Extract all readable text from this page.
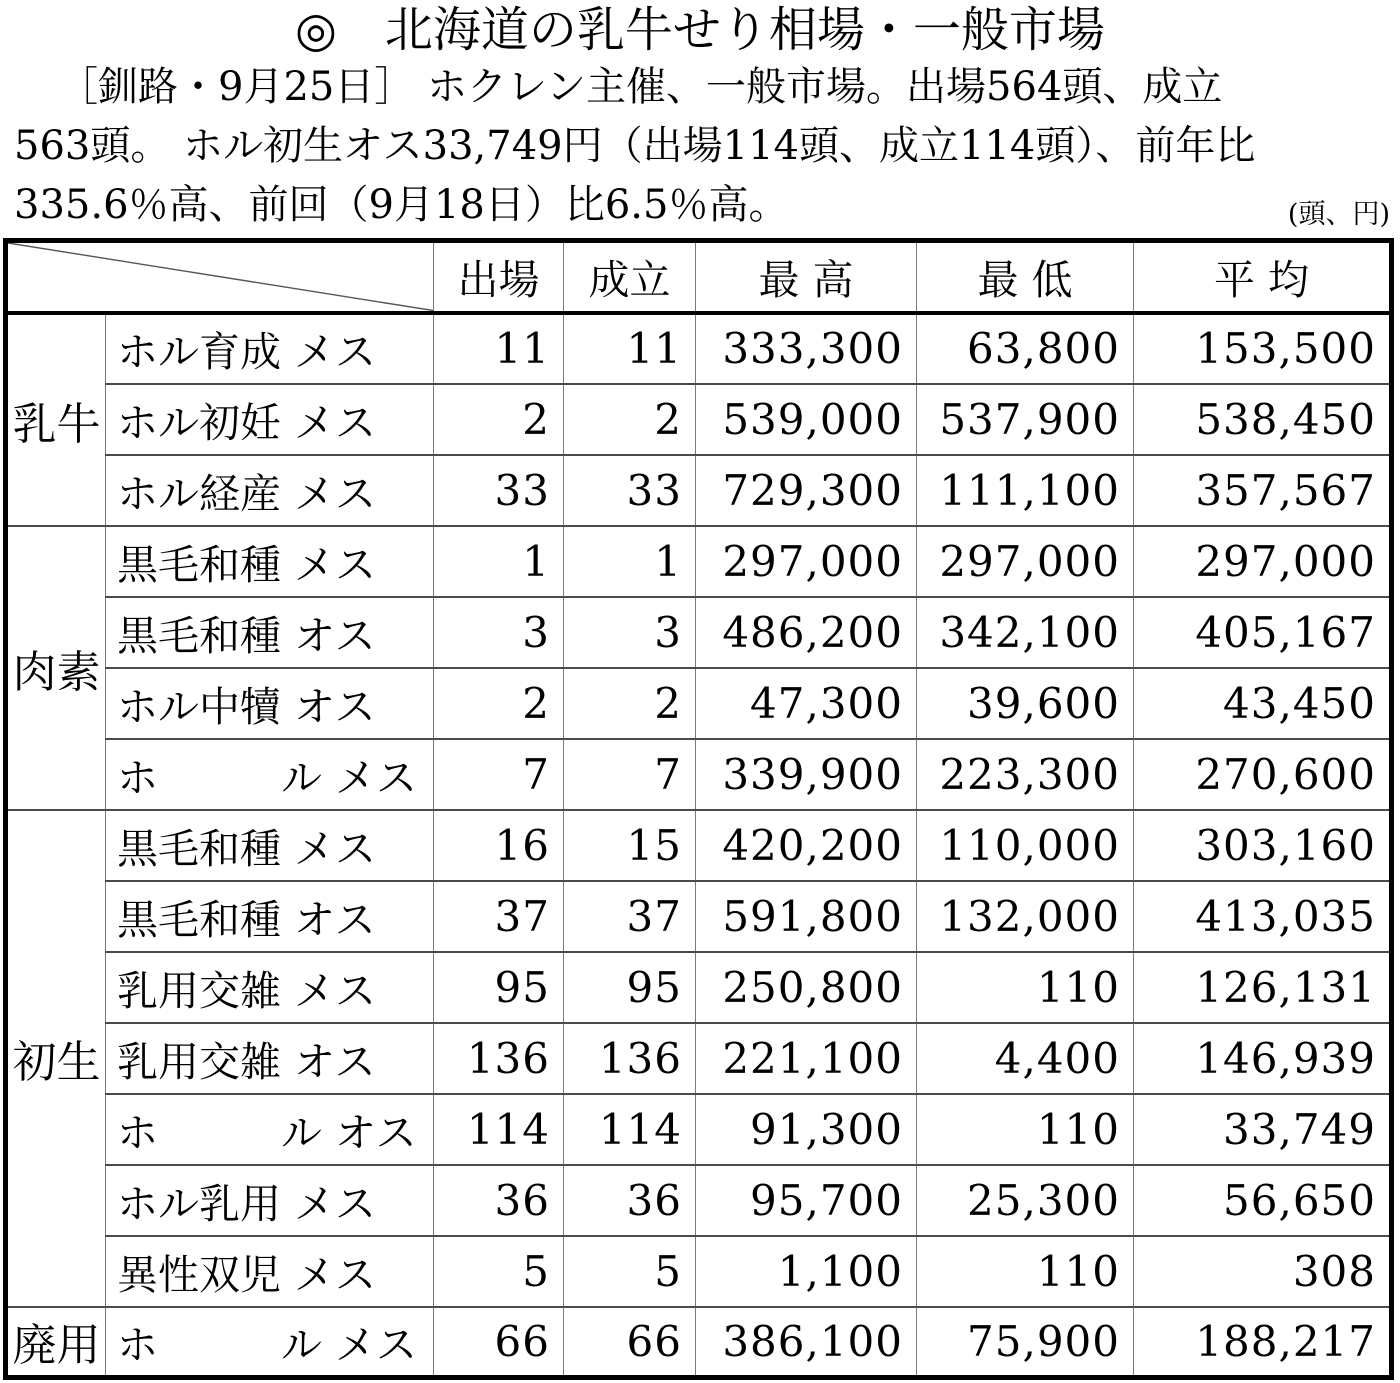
◎　北海道の乳牛せり相場・一般市場
［釧路・9月25日］ ホクレン主催、一般市場。出場564頭、成立
563頭。 ホル初生オス33,749円（出場114頭、成立114頭）、前年比
335.6％高、前回（9月18日）比6.5％高。	(頭、円)
	出場	成立	最 高	最 低	平 均
乳牛	ホル育成 メス	11	11	333,300	63,800	153,500
	ホル初妊 メス	2	2	539,000	537,900	538,450
	ホル経産 メス	33	33	729,300	111,100	357,567
肉素	黒毛和種 メス	1	1	297,000	297,000	297,000
	黒毛和種 オス	3	3	486,200	342,100	405,167
	ホル中犢 オス	2	2	47,300	39,600	43,450
	ホ　　　ル メス	7	7	339,900	223,300	270,600
初生	黒毛和種 メス	16	15	420,200	110,000	303,160
	黒毛和種 オス	37	37	591,800	132,000	413,035
	乳用交雑 メス	95	95	250,800	110	126,131
	乳用交雑 オス	136	136	221,100	4,400	146,939
	ホ　　　ル オス	114	114	91,300	110	33,749
	ホル乳用 メス	36	36	95,700	25,300	56,650
	異性双児 メス	5	5	1,100	110	308
廃用	ホ　　　ル メス	66	66	386,100	75,900	188,217
